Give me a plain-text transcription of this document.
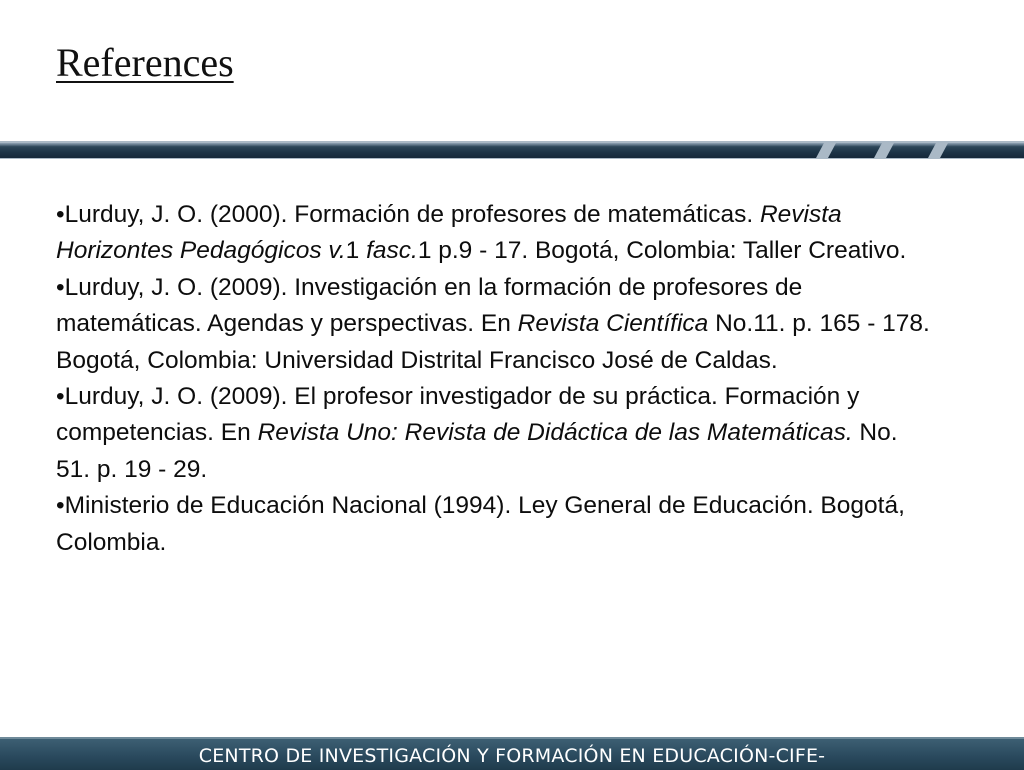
References

•Lurduy, J. O. (2000). Formación de profesores de matemáticas. Revista Horizontes Pedagógicos v.1 fasc.1 p.9 - 17. Bogotá, Colombia: Taller Creativo.

•Lurduy, J. O. (2009). Investigación en la formación de profesores de matemáticas. Agendas y perspectivas. En Revista Científica No.11. p. 165 - 178. Bogotá, Colombia: Universidad Distrital Francisco José de Caldas.

•Lurduy, J. O. (2009). El profesor investigador de su práctica. Formación y competencias. En Revista Uno: Revista de Didáctica de las Matemáticas. No. 51. p. 19 - 29.

•Ministerio de Educación Nacional (1994). Ley General de Educación. Bogotá, Colombia.

CENTRO DE INVESTIGACIÓN Y FORMACIÓN EN EDUCACIÓN-CIFE-
